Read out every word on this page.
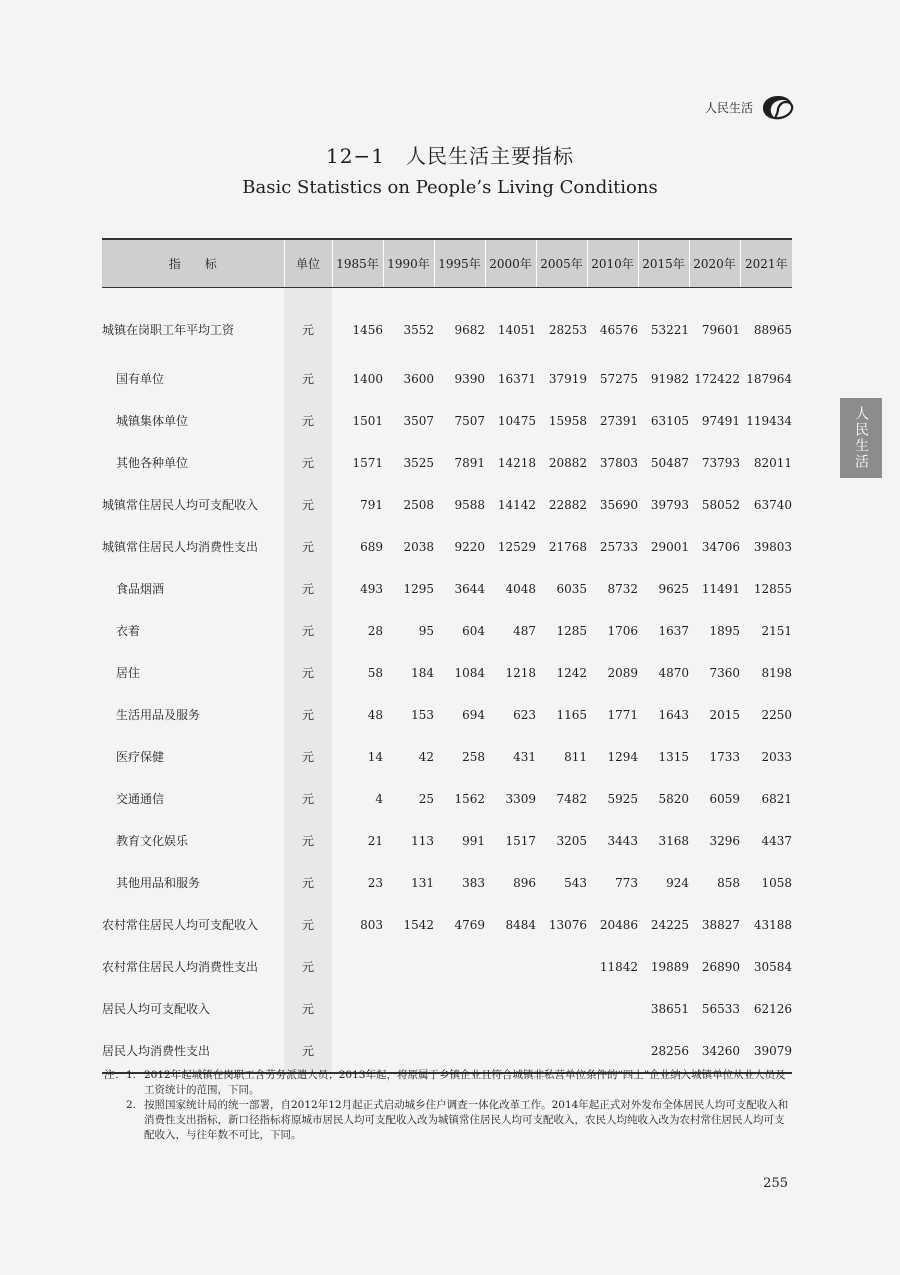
人民生活
12−1　人民生活主要指标
Basic Statistics on People’s Living Conditions
人民生活
指　　标	单位	1985年	1990年	1995年	2000年	2005年	2010年	2015年	2020年	2021年
城镇在岗职工年平均工资	元	1456	3552	9682	14051	28253	46576	53221	79601	88965
国有单位	元	1400	3600	9390	16371	37919	57275	91982	172422	187964
城镇集体单位	元	1501	3507	7507	10475	15958	27391	63105	97491	119434
其他各种单位	元	1571	3525	7891	14218	20882	37803	50487	73793	82011
城镇常住居民人均可支配收入	元	791	2508	9588	14142	22882	35690	39793	58052	63740
城镇常住居民人均消费性支出	元	689	2038	9220	12529	21768	25733	29001	34706	39803
食品烟酒	元	493	1295	3644	4048	6035	8732	9625	11491	12855
衣着	元	28	95	604	487	1285	1706	1637	1895	2151
居住	元	58	184	1084	1218	1242	2089	4870	7360	8198
生活用品及服务	元	48	153	694	623	1165	1771	1643	2015	2250
医疗保健	元	14	42	258	431	811	1294	1315	1733	2033
交通通信	元	4	25	1562	3309	7482	5925	5820	6059	6821
教育文化娱乐	元	21	113	991	1517	3205	3443	3168	3296	4437
其他用品和服务	元	23	131	383	896	543	773	924	858	1058
农村常住居民人均可支配收入	元	803	1542	4769	8484	13076	20486	24225	38827	43188
农村常住居民人均消费性支出	元						11842	19889	26890	30584
居民人均可支配收入	元							38651	56533	62126
居民人均消费性支出	元							28256	34260	39079
注： 1. 2012年起城镇在岗职工含劳务派遣人员；2013年起，将原属于乡镇企业且符合城镇非私营单位条件的“四上”企业纳入城镇单位从业人员及工资统计的范围，下同。
2. 按照国家统计局的统一部署，自2012年12月起正式启动城乡住户调查一体化改革工作。2014年起正式对外发布全体居民人均可支配收入和消费性支出指标，新口径指标将原城市居民人均可支配收入改为城镇常住居民人均可支配收入，农民人均纯收入改为农村常住居民人均可支配收入，与往年数不可比，下同。
255
